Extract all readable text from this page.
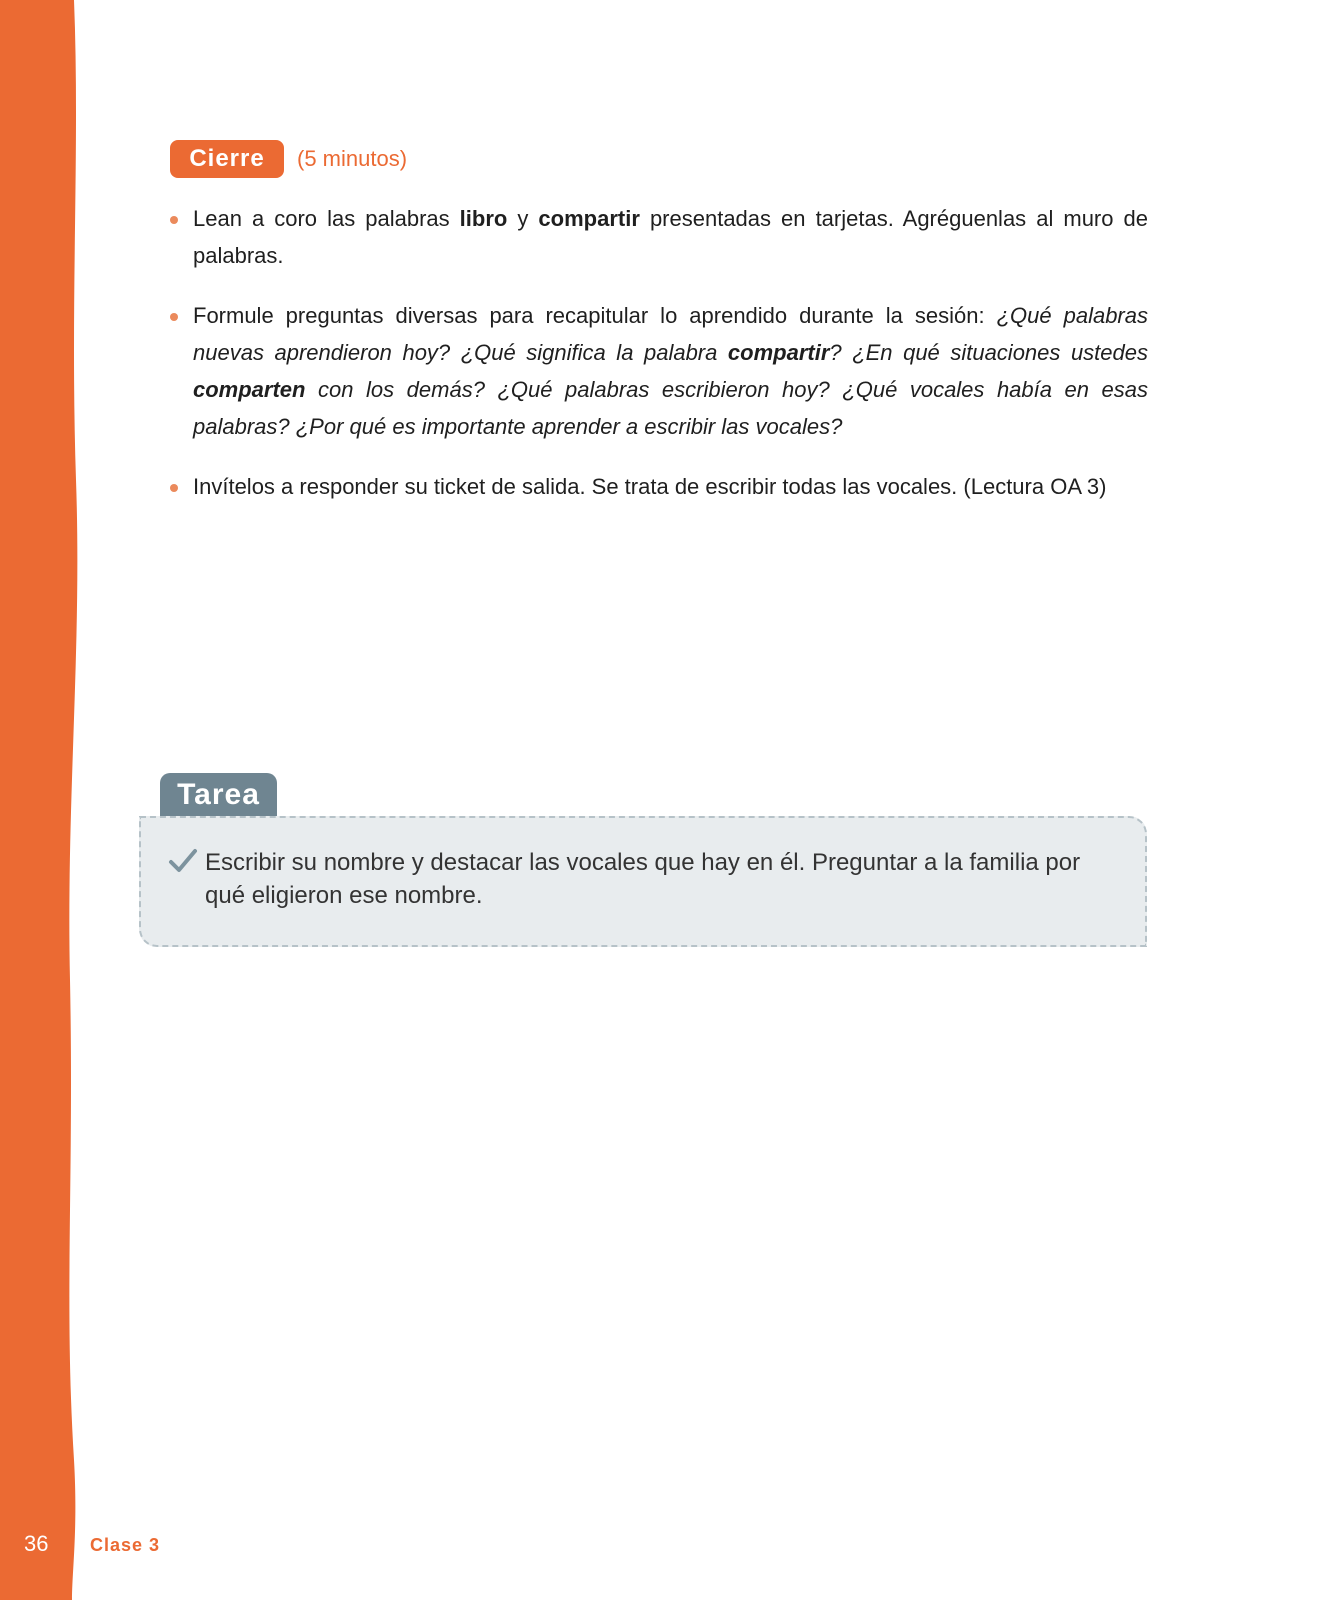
Cierre	(5 minutos)
Lean a coro las palabras libro y compartir presentadas en tarjetas. Agréguenlas al muro de palabras.
Formule preguntas diversas para recapitular lo aprendido durante la sesión: ¿Qué palabras nuevas aprendieron hoy? ¿Qué significa la palabra compartir? ¿En qué situaciones ustedes comparten con los demás? ¿Qué palabras escribieron hoy? ¿Qué vocales había en esas palabras? ¿Por qué es importante aprender a escribir las vocales?
Invítelos a responder su ticket de salida. Se trata de escribir todas las vocales. (Lectura OA 3)
Tarea
Escribir su nombre y destacar las vocales que hay en él. Preguntar a la familia por qué eligieron ese nombre.
36 Clase 3
